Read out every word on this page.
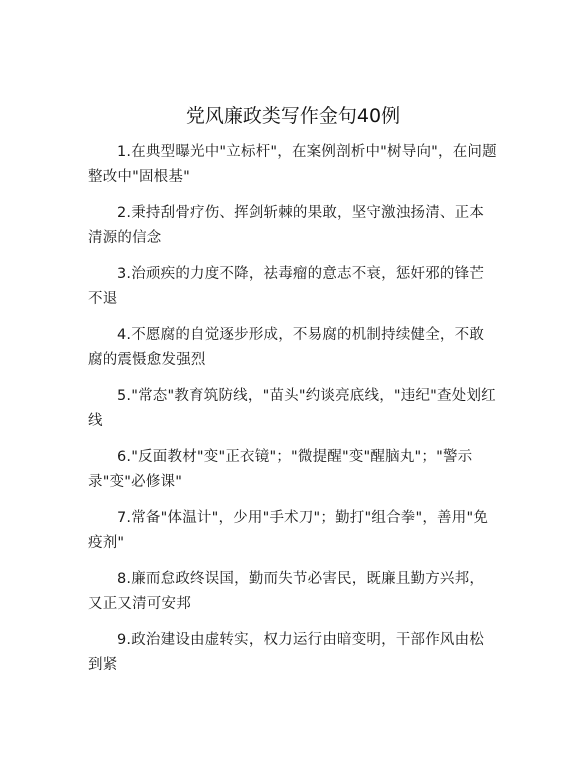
党风廉政类写作金句40例

1.在典型曝光中"立标杆"，在案例剖析中"树导向"，在问题整改中"固根基"

2.秉持刮骨疗伤、挥剑斩棘的果敢，坚守激浊扬清、正本清源的信念

3.治顽疾的力度不降，祛毒瘤的意志不衰，惩奸邪的锋芒不退

4.不愿腐的自觉逐步形成，不易腐的机制持续健全，不敢腐的震慑愈发强烈

5."常态"教育筑防线，"苗头"约谈亮底线，"违纪"查处划红线

6."反面教材"变"正衣镜"；"微提醒"变"醒脑丸"；"警示录"变"必修课"

7.常备"体温计"，少用"手术刀"；勤打"组合拳"，善用"免疫剂"

8.廉而怠政终误国，勤而失节必害民，既廉且勤方兴邦，又正又清可安邦

9.政治建设由虚转实，权力运行由暗变明，干部作风由松到紧
